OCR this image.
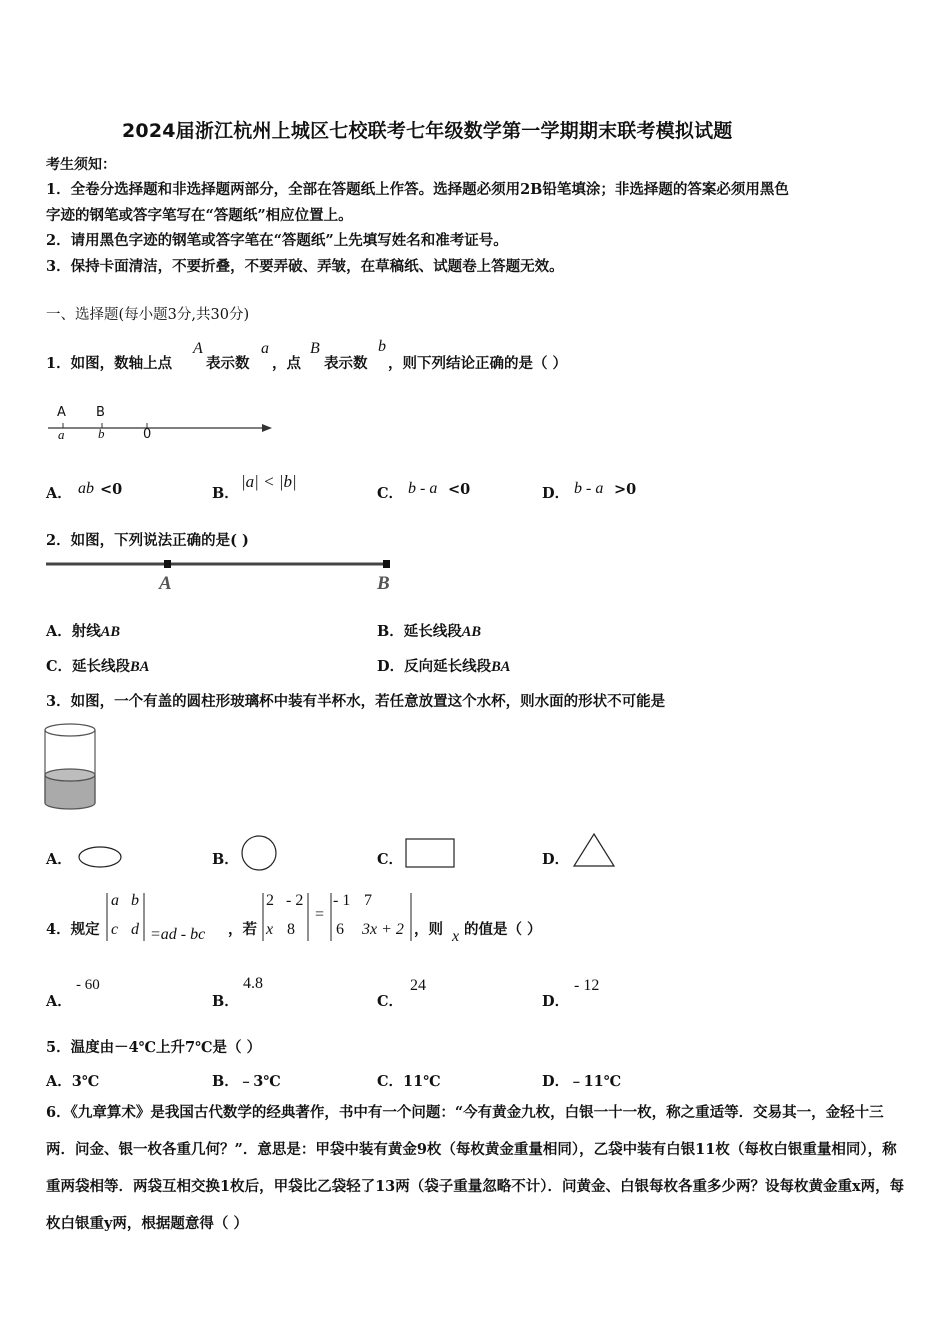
2024届浙江杭州上城区七校联考七年级数学第一学期期末联考模拟试题
考生须知：
1．全卷分选择题和非选择题两部分，全部在答题纸上作答。选择题必须用2B铅笔填涂；非选择题的答案必须用黑色
字迹的钢笔或答字笔写在“答题纸”相应位置上。
2．请用黑色字迹的钢笔或答字笔在“答题纸”上先填写姓名和准考证号。
3．保持卡面清洁，不要折叠，不要弄破、弄皱，在草稿纸、试题卷上答题无效。
一、选择题(每小题3分,共30分)
1．如图，数轴上点
A
表示数
a
，点
B
表示数
b
，则下列结论正确的是（ ）
A B
a	b	0
A． ab <0	B．
|a| < |b|
C． b - a <0	D． b - a >0
2．如图，下列说法正确的是( )
A	B
A．射线AB	B．延长线段AB
C．延长线段BA	D．反向延长线段BA
3．如图，一个有盖的圆柱形玻璃杯中装有半杯水，若任意放置这个水杯，则水面的形状不可能是
A．	B．	C．	D．
4．规定
a b
c d =ad - bc ，若
2 - 2
x 8
=
- 1 7
6 3x + 2 ，则 x 的值是（ ）
A．
- 60
B．
4.8
C．
24
D．
- 12
5．温度由－4℃上升7℃是（ ）
A．3℃	B．﹣3℃	C．11℃	D．﹣11℃
6．《九章算术》是我国古代数学的经典著作，书中有一个问题：“今有黄金九枚，白银一十一枚，称之重适等．交易其一，金轻十三两．问金、银一枚各重几何？”．意思是：甲袋中装有黄金9枚（每枚黄金重量相同），乙袋中装有白银11枚（每枚白银重量相同），称重两袋相等．两袋互相交换1枚后，甲袋比乙袋轻了13两（袋子重量忽略不计）．问黄金、白银每枚各重多少两？设每枚黄金重x两，每枚白银重y两，根据题意得（ ）
